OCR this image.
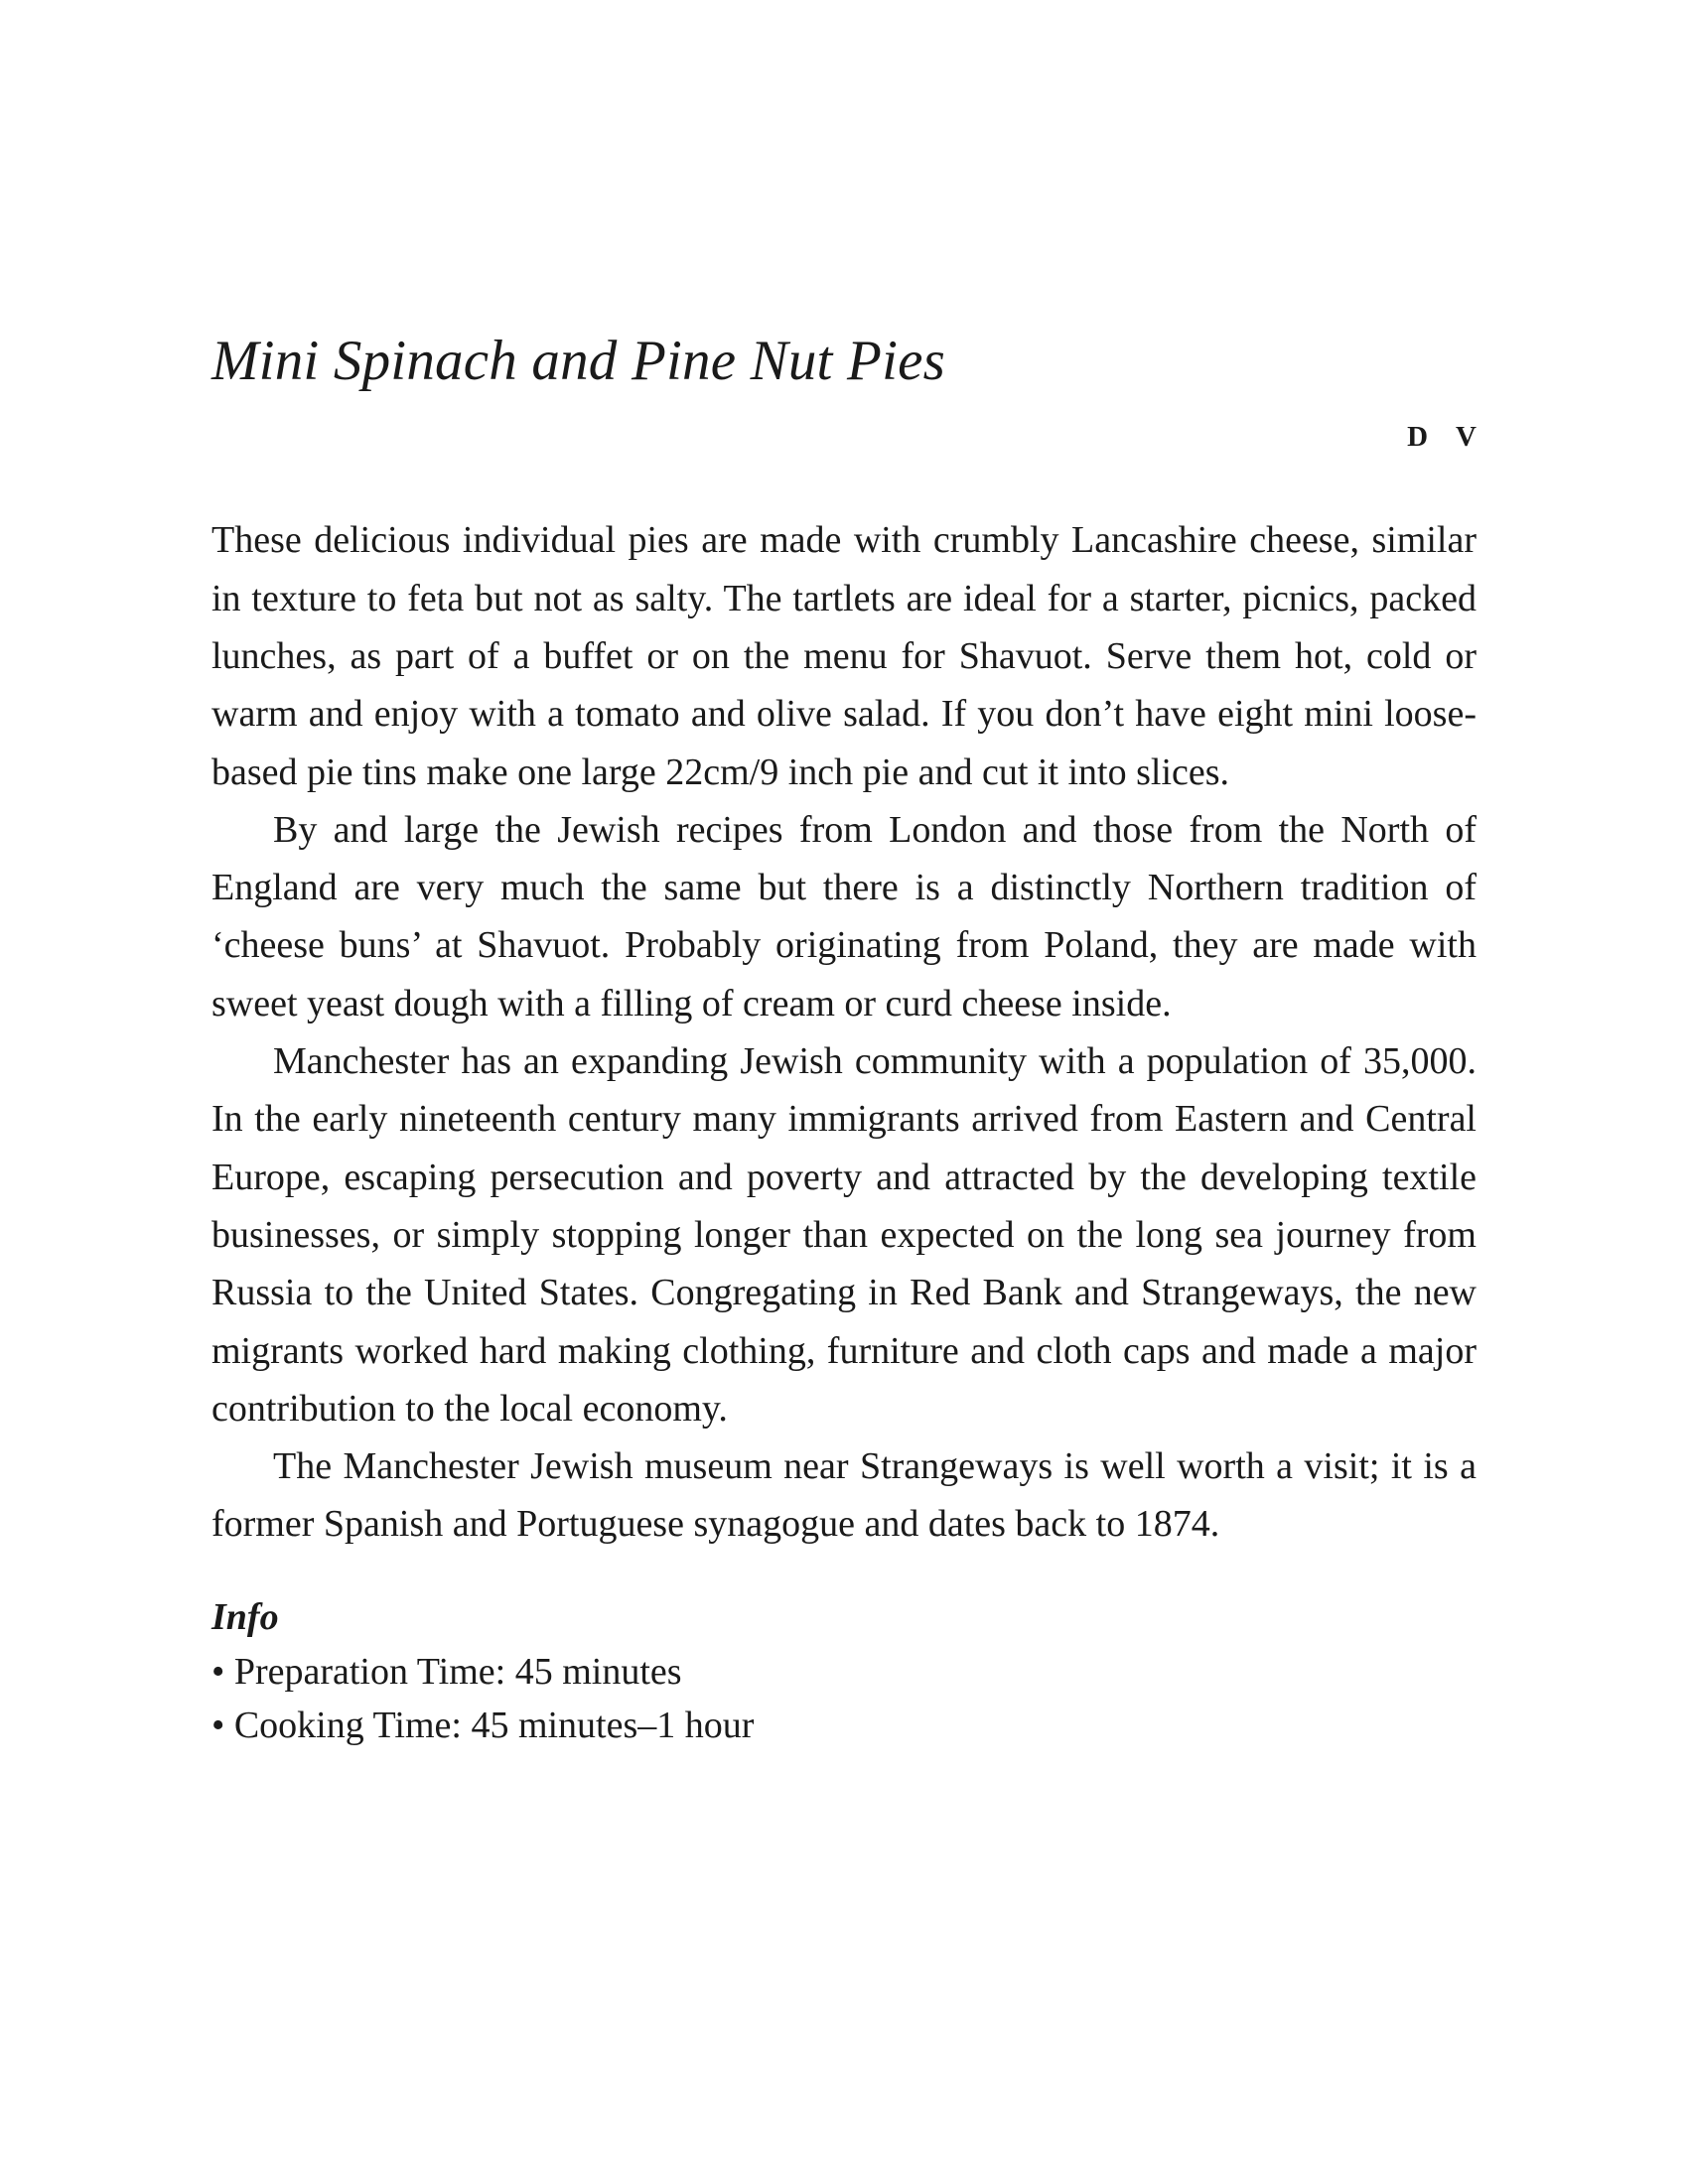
Mini Spinach and Pine Nut Pies
D V

These delicious individual pies are made with crumbly Lancashire cheese, similar in texture to feta but not as salty. The tartlets are ideal for a starter, picnics, packed lunches, as part of a buffet or on the menu for Shavuot. Serve them hot, cold or warm and enjoy with a tomato and olive salad. If you don’t have eight mini loose-based pie tins make one large 22cm/9 inch pie and cut it into slices.

By and large the Jewish recipes from London and those from the North of England are very much the same but there is a distinctly Northern tradition of ‘cheese buns’ at Shavuot. Probably originating from Poland, they are made with sweet yeast dough with a filling of cream or curd cheese inside.

Manchester has an expanding Jewish community with a population of 35,000. In the early nineteenth century many immigrants arrived from Eastern and Central Europe, escaping persecution and poverty and attracted by the developing textile businesses, or simply stopping longer than expected on the long sea journey from Russia to the United States. Congregating in Red Bank and Strangeways, the new migrants worked hard making clothing, furniture and cloth caps and made a major contribution to the local economy.

The Manchester Jewish museum near Strangeways is well worth a visit; it is a former Spanish and Portuguese synagogue and dates back to 1874.

Info
• Preparation Time: 45 minutes
• Cooking Time: 45 minutes–1 hour
